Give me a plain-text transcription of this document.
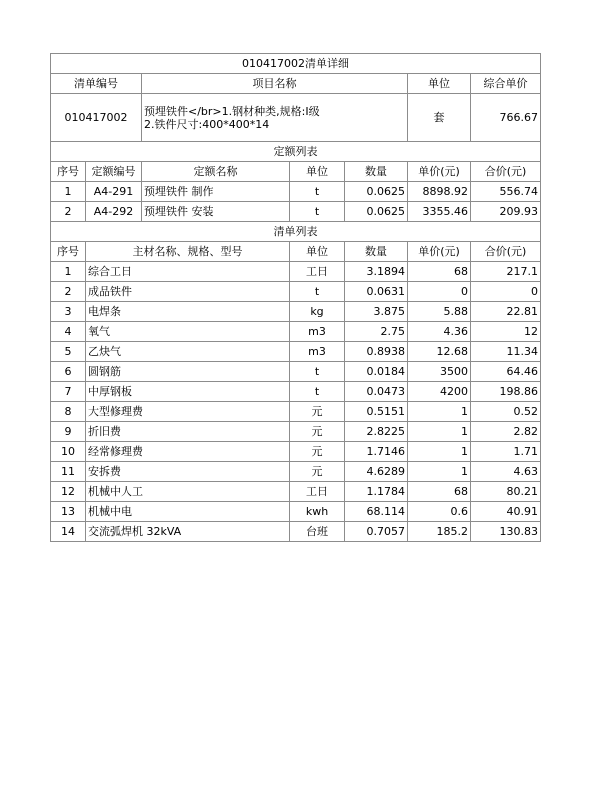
010417002清单详细						
清单编号		项目名称			单位	综合单价
010417002		预埋铁件</br>1.钢材种类,规格:I级
2.铁件尺寸:400*400*14			套	766.67
定额列表						
序号	定额编号	定额名称	单位	数量	单价(元)	合价(元)
1	A4-291	预埋铁件 制作	t	0.0625	8898.92	556.74
2	A4-292	预埋铁件 安装	t	0.0625	3355.46	209.93
清单列表						
序号	主材名称、规格、型号		单位	数量	单价(元)	合价(元)
1	综合工日		工日	3.1894	68	217.1
2	成品铁件		t	0.0631	0	0
3	电焊条		kg	3.875	5.88	22.81
4	氧气		m3	2.75	4.36	12
5	乙炔气		m3	0.8938	12.68	11.34
6	圆钢筋		t	0.0184	3500	64.46
7	中厚钢板		t	0.0473	4200	198.86
8	大型修理费		元	0.5151	1	0.52
9	折旧费		元	2.8225	1	2.82
10	经常修理费		元	1.7146	1	1.71
11	安拆费		元	4.6289	1	4.63
12	机械中人工		工日	1.1784	68	80.21
13	机械中电		kwh	68.114	0.6	40.91
14	交流弧焊机 32kVA		台班	0.7057	185.2	130.83
